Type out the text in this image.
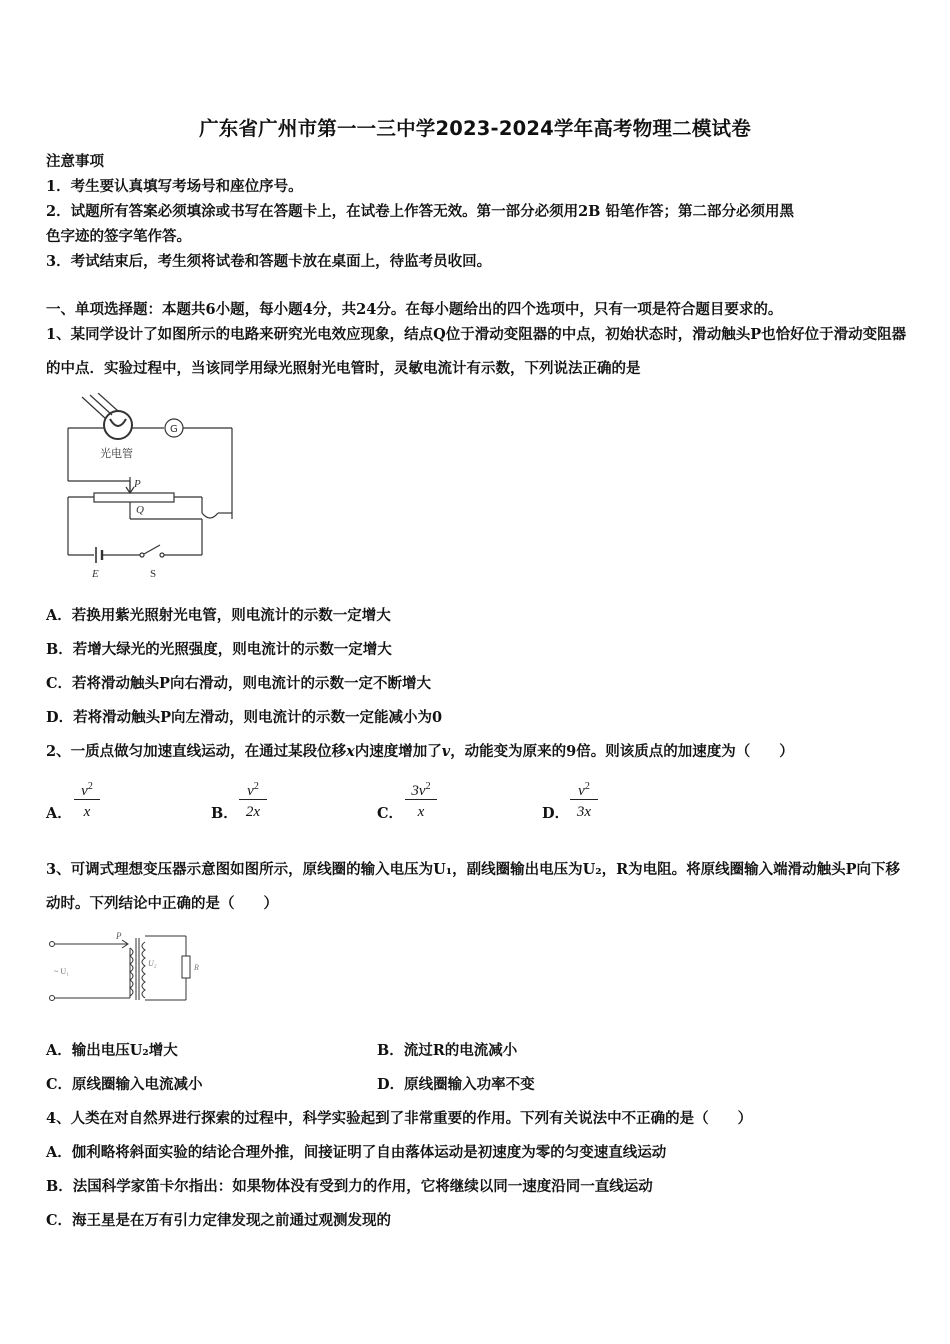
广东省广州市第一一三中学2023-2024学年高考物理二模试卷
注意事项
1．考生要认真填写考场号和座位序号。
2．试题所有答案必须填涂或书写在答题卡上，在试卷上作答无效。第一部分必须用2B 铅笔作答；第二部分必须用黑
色字迹的签字笔作答。
3．考试结束后，考生须将试卷和答题卡放在桌面上，待监考员收回。
一、单项选择题：本题共6小题，每小题4分，共24分。在每小题给出的四个选项中，只有一项是符合题目要求的。
1、某同学设计了如图所示的电路来研究光电效应现象，结点Q位于滑动变阻器的中点，初始状态时，滑动触头P也恰好位于滑动变阻器的中点．实验过程中，当该同学用绿光照射光电管时，灵敏电流计有示数，下列说法正确的是
光电管
G
P
Q
E	S
A．若换用紫光照射光电管，则电流计的示数一定增大
B．若增大绿光的光照强度，则电流计的示数一定增大
C．若将滑动触头P向右滑动，则电流计的示数一定不断增大
D．若将滑动触头P向左滑动，则电流计的示数一定能减小为0
2、一质点做匀加速直线运动，在通过某段位移x内速度增加了v，动能变为原来的9倍。则该质点的加速度为（　　）
A．
$v^2$
x	B．
$v^2$
2x	C．
$3v^2$
x	D．
$v^2$
3x
3、可调式理想变压器示意图如图所示，原线圈的输入电压为U₁，副线圈输出电压为U₂，R为电阻。将原线圈输入端滑动触头P向下移动时。下列结论中正确的是（　　）
P
~ U₁
U₂	R
A．输出电压U₂增大	B．流过R的电流减小
C．原线圈输入电流减小	D．原线圈输入功率不变
4、人类在对自然界进行探索的过程中，科学实验起到了非常重要的作用。下列有关说法中不正确的是（　　）
A．伽利略将斜面实验的结论合理外推，间接证明了自由落体运动是初速度为零的匀变速直线运动
B．法国科学家笛卡尔指出：如果物体没有受到力的作用，它将继续以同一速度沿同一直线运动
C．海王星是在万有引力定律发现之前通过观测发现的
